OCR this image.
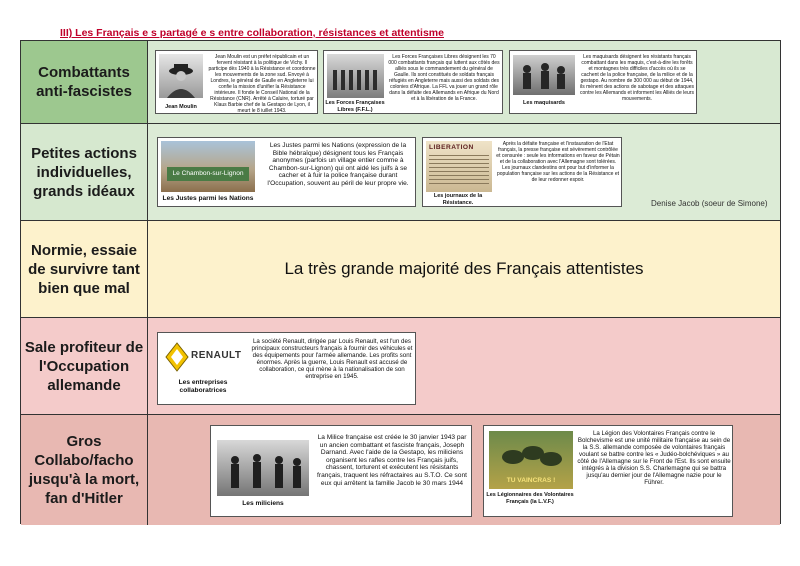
III) Les Français e s partagé e s entre collaboration, résistances et attentisme
Combattants anti-fascistes
Jean Moulin
Jean Moulin est un préfet républicain et un fervent résistant à la politique de Vichy. Il participe dès 1940 à la Résistance et coordonne les mouvements de la zone sud. Envoyé à Londres, le général de Gaulle en Angleterre lui confie la mission d'unifier la Résistance intérieure. Il fonde le Conseil National de la Résistance (CNR). Arrêté à Caluire, torturé par Klaus Barbie chef de la Gestapo de Lyon, il meurt le 8 juillet 1943.
Les Forces Françaises Libres (F.F.L.)
Les Forces Françaises Libres désignent les 70 000 combattants français qui luttent aux côtés des alliés sous le commandement du général de Gaulle. Ils sont constitués de soldats français réfugiés en Angleterre mais aussi des soldats des colonies d'Afrique. La FFL va jouer un grand rôle dans la défaite des Allemands en Afrique du Nord et à la libération de la France.
Les maquisards
Les maquisards désignent les résistants français combattant dans les maquis, c'est-à-dire les forêts et montagnes très difficiles d'accès où ils se cachent de la police française, de la milice et de la gestapo. Au nombre de 300 000 au début de 1944, ils mènent des actions de sabotage et des attaques contre les Allemands et informent les Alliés de leurs mouvements.
Petites actions individuelles, grands idéaux
Le Chambon-sur-Lignon
Les Justes parmi les Nations
Les Justes parmi les Nations (expression de la Bible hébraïque) désignent tous les Français anonymes (parfois un village entier comme à Chambon-sur-Lignon) qui ont aidé les juifs à se cacher et à fuir la police française durant l'Occupation, souvent au péril de leur propre vie.
LIBERATION
Les journaux de la Résistance.
Après la défaite française et l'instauration de l'État français, la presse française est sévèrement contrôlée et censurée : seule les informations en faveur de Pétain et de la collaboration avec l'Allemagne sont tolérées. Les journaux clandestins ont pour but d'informer la population française sur les actions de la Résistance et de leur redonner espoir.
Denise Jacob (soeur de Simone)
Normie, essaie de survivre tant bien que mal
La très grande majorité des Français attentistes
Sale profiteur de l'Occupation allemande
RENAULT
Les entreprises collaboratrices
La société Renault, dirigée par Louis Renault, est l'un des principaux constructeurs français à fournir des véhicules et des équipements pour l'armée allemande. Les profits sont énormes. Après la guerre, Louis Renault est accusé de collaboration, ce qui mène à la nationalisation de son entreprise en 1945.
Gros Collabo/facho jusqu'à la mort, fan d'Hitler	Les miliciens
La Milice française est créée le 30 janvier 1943 par un ancien combattant et fasciste français, Joseph Darnand. Avec l'aide de la Gestapo, les miliciens organisent les rafles contre les Français juifs, chassent, torturent et exécutent les résistants français, traquent les réfractaires au S.T.O. Ce sont eux qui arrêtent la famille Jacob le 30 mars 1944	TU VAINCRAS !
Les Légionnaires des Volontaires Français (la L.V.F.)
La Légion des Volontaires Français contre le Bolchevisme est une unité militaire française au sein de la S.S. allemande composée de volontaires français voulant se battre contre les « Judéo-bolchéviques » au côté de l'Allemagne sur le Front de l'Est. Ils sont ensuite intégrés à la division S.S. Charlemagne qui se battra jusqu'au dernier jour de l'Allemagne nazie pour le Führer.
